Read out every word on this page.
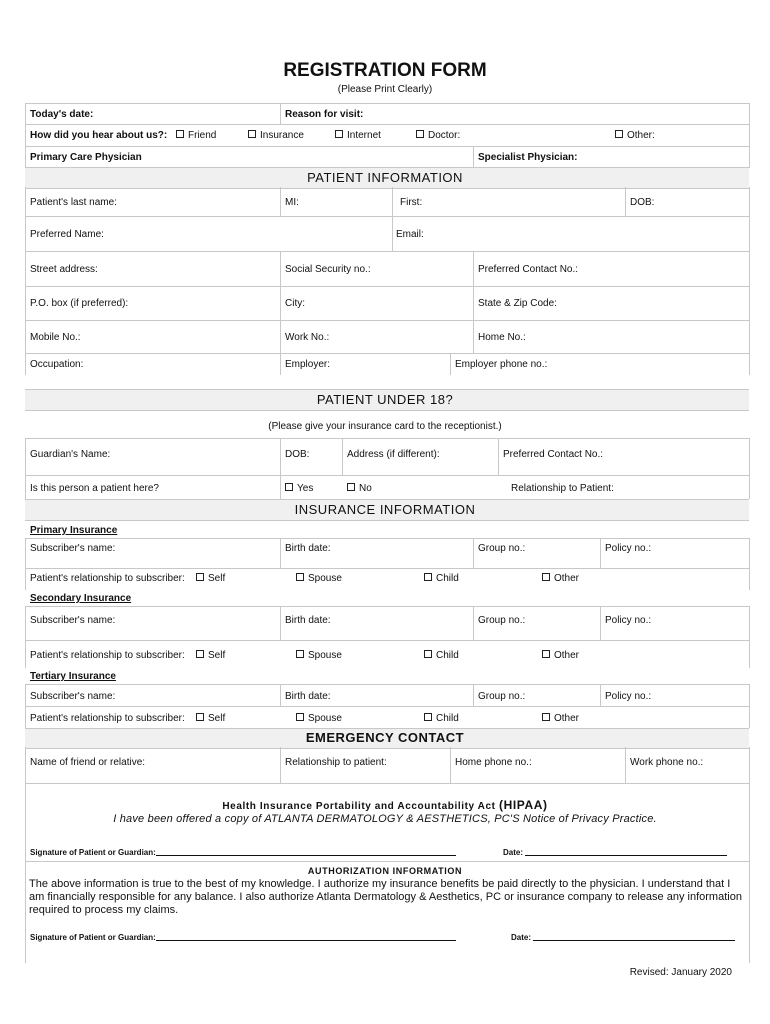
REGISTRATION FORM
(Please Print Clearly)
Today's date:	Reason for visit:
How did you hear about us?:	Friend	Insurance	Internet	Doctor:	Other:
Primary Care Physician	Specialist Physician:
PATIENT INFORMATION
Patient's last name:	MI:	First:	DOB:
Preferred Name:	Email:
Street address:	Social Security no.:	Preferred Contact No.:
P.O. box (if preferred):	City:	State & Zip Code:
Mobile No.:	Work No.:	Home No.:
Occupation:	Employer:	Employer phone no.:
PATIENT UNDER 18?
(Please give your insurance card to the receptionist.)
Guardian's Name:	DOB:	Address (if different):	Preferred Contact No.:
Is this person a patient here?	Yes	No	Relationship to Patient:
INSURANCE INFORMATION
Primary Insurance
Subscriber's name:	Birth date:	Group no.:	Policy no.:
Patient's relationship to subscriber:	Self	Spouse	Child	Other
Secondary Insurance
Subscriber's name:	Birth date:	Group no.:	Policy no.:
Patient's relationship to subscriber:	Self	Spouse	Child	Other
Tertiary Insurance
Subscriber's name:	Birth date:	Group no.:	Policy no.:
Patient's relationship to subscriber:	Self	Spouse	Child	Other
EMERGENCY CONTACT
Name of friend or relative:	Relationship to patient:	Home phone no.:	Work phone no.:
Health Insurance Portability and Accountability Act (HIPAA)
I have been offered a copy of ATLANTA DERMATOLOGY & AESTHETICS, PC'S Notice of Privacy Practice.
Signature of Patient or Guardian:	Date:
AUTHORIZATION INFORMATION
The above information is true to the best of my knowledge. I authorize my insurance benefits be paid directly to the physician. I understand that I am financially responsible for any balance. I also authorize Atlanta Dermatology & Aesthetics, PC or insurance company to release any information required to process my claims.
Signature of Patient or Guardian:	Date:
Revised: January 2020
